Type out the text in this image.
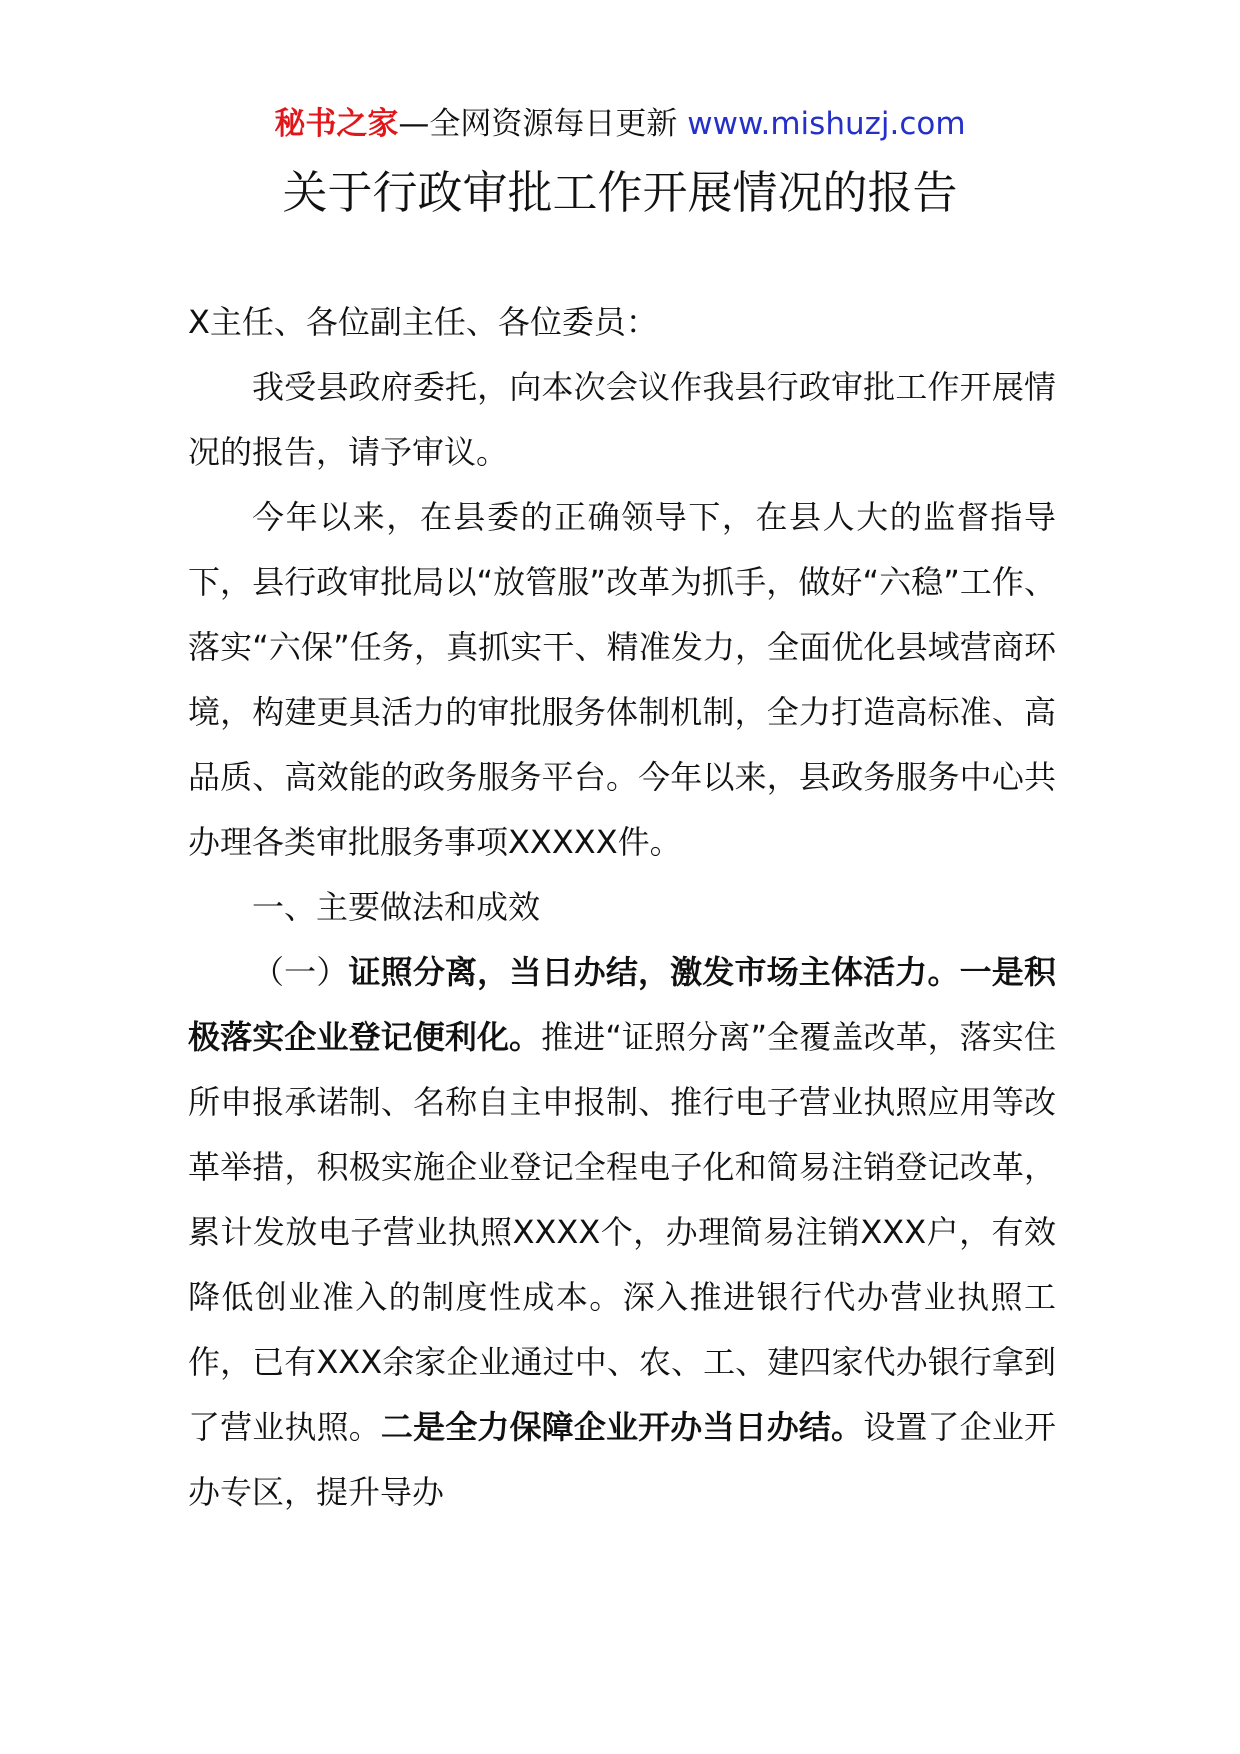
秘书之家—全网资源每日更新 www.mishuzj.com
关于行政审批工作开展情况的报告

X主任、各位副主任、各位委员：

我受县政府委托，向本次会议作我县行政审批工作开展情况的报告，请予审议。

今年以来，在县委的正确领导下，在县人大的监督指导下，县行政审批局以“放管服”改革为抓手，做好“六稳”工作、落实“六保”任务，真抓实干、精准发力，全面优化县域营商环境，构建更具活力的审批服务体制机制，全力打造高标准、高品质、高效能的政务服务平台。今年以来，县政务服务中心共办理各类审批服务事项XXXXX件。

一、主要做法和成效

（一）证照分离，当日办结，激发市场主体活力。一是积极落实企业登记便利化。推进“证照分离”全覆盖改革，落实住所申报承诺制、名称自主申报制、推行电子营业执照应用等改革举措，积极实施企业登记全程电子化和简易注销登记改革，累计发放电子营业执照XXXX个，办理简易注销XXX户，有效降低创业准入的制度性成本。深入推进银行代办营业执照工作，已有XXX余家企业通过中、农、工、建四家代办银行拿到了营业执照。二是全力保障企业开办当日办结。设置了企业开办专区，提升导办
